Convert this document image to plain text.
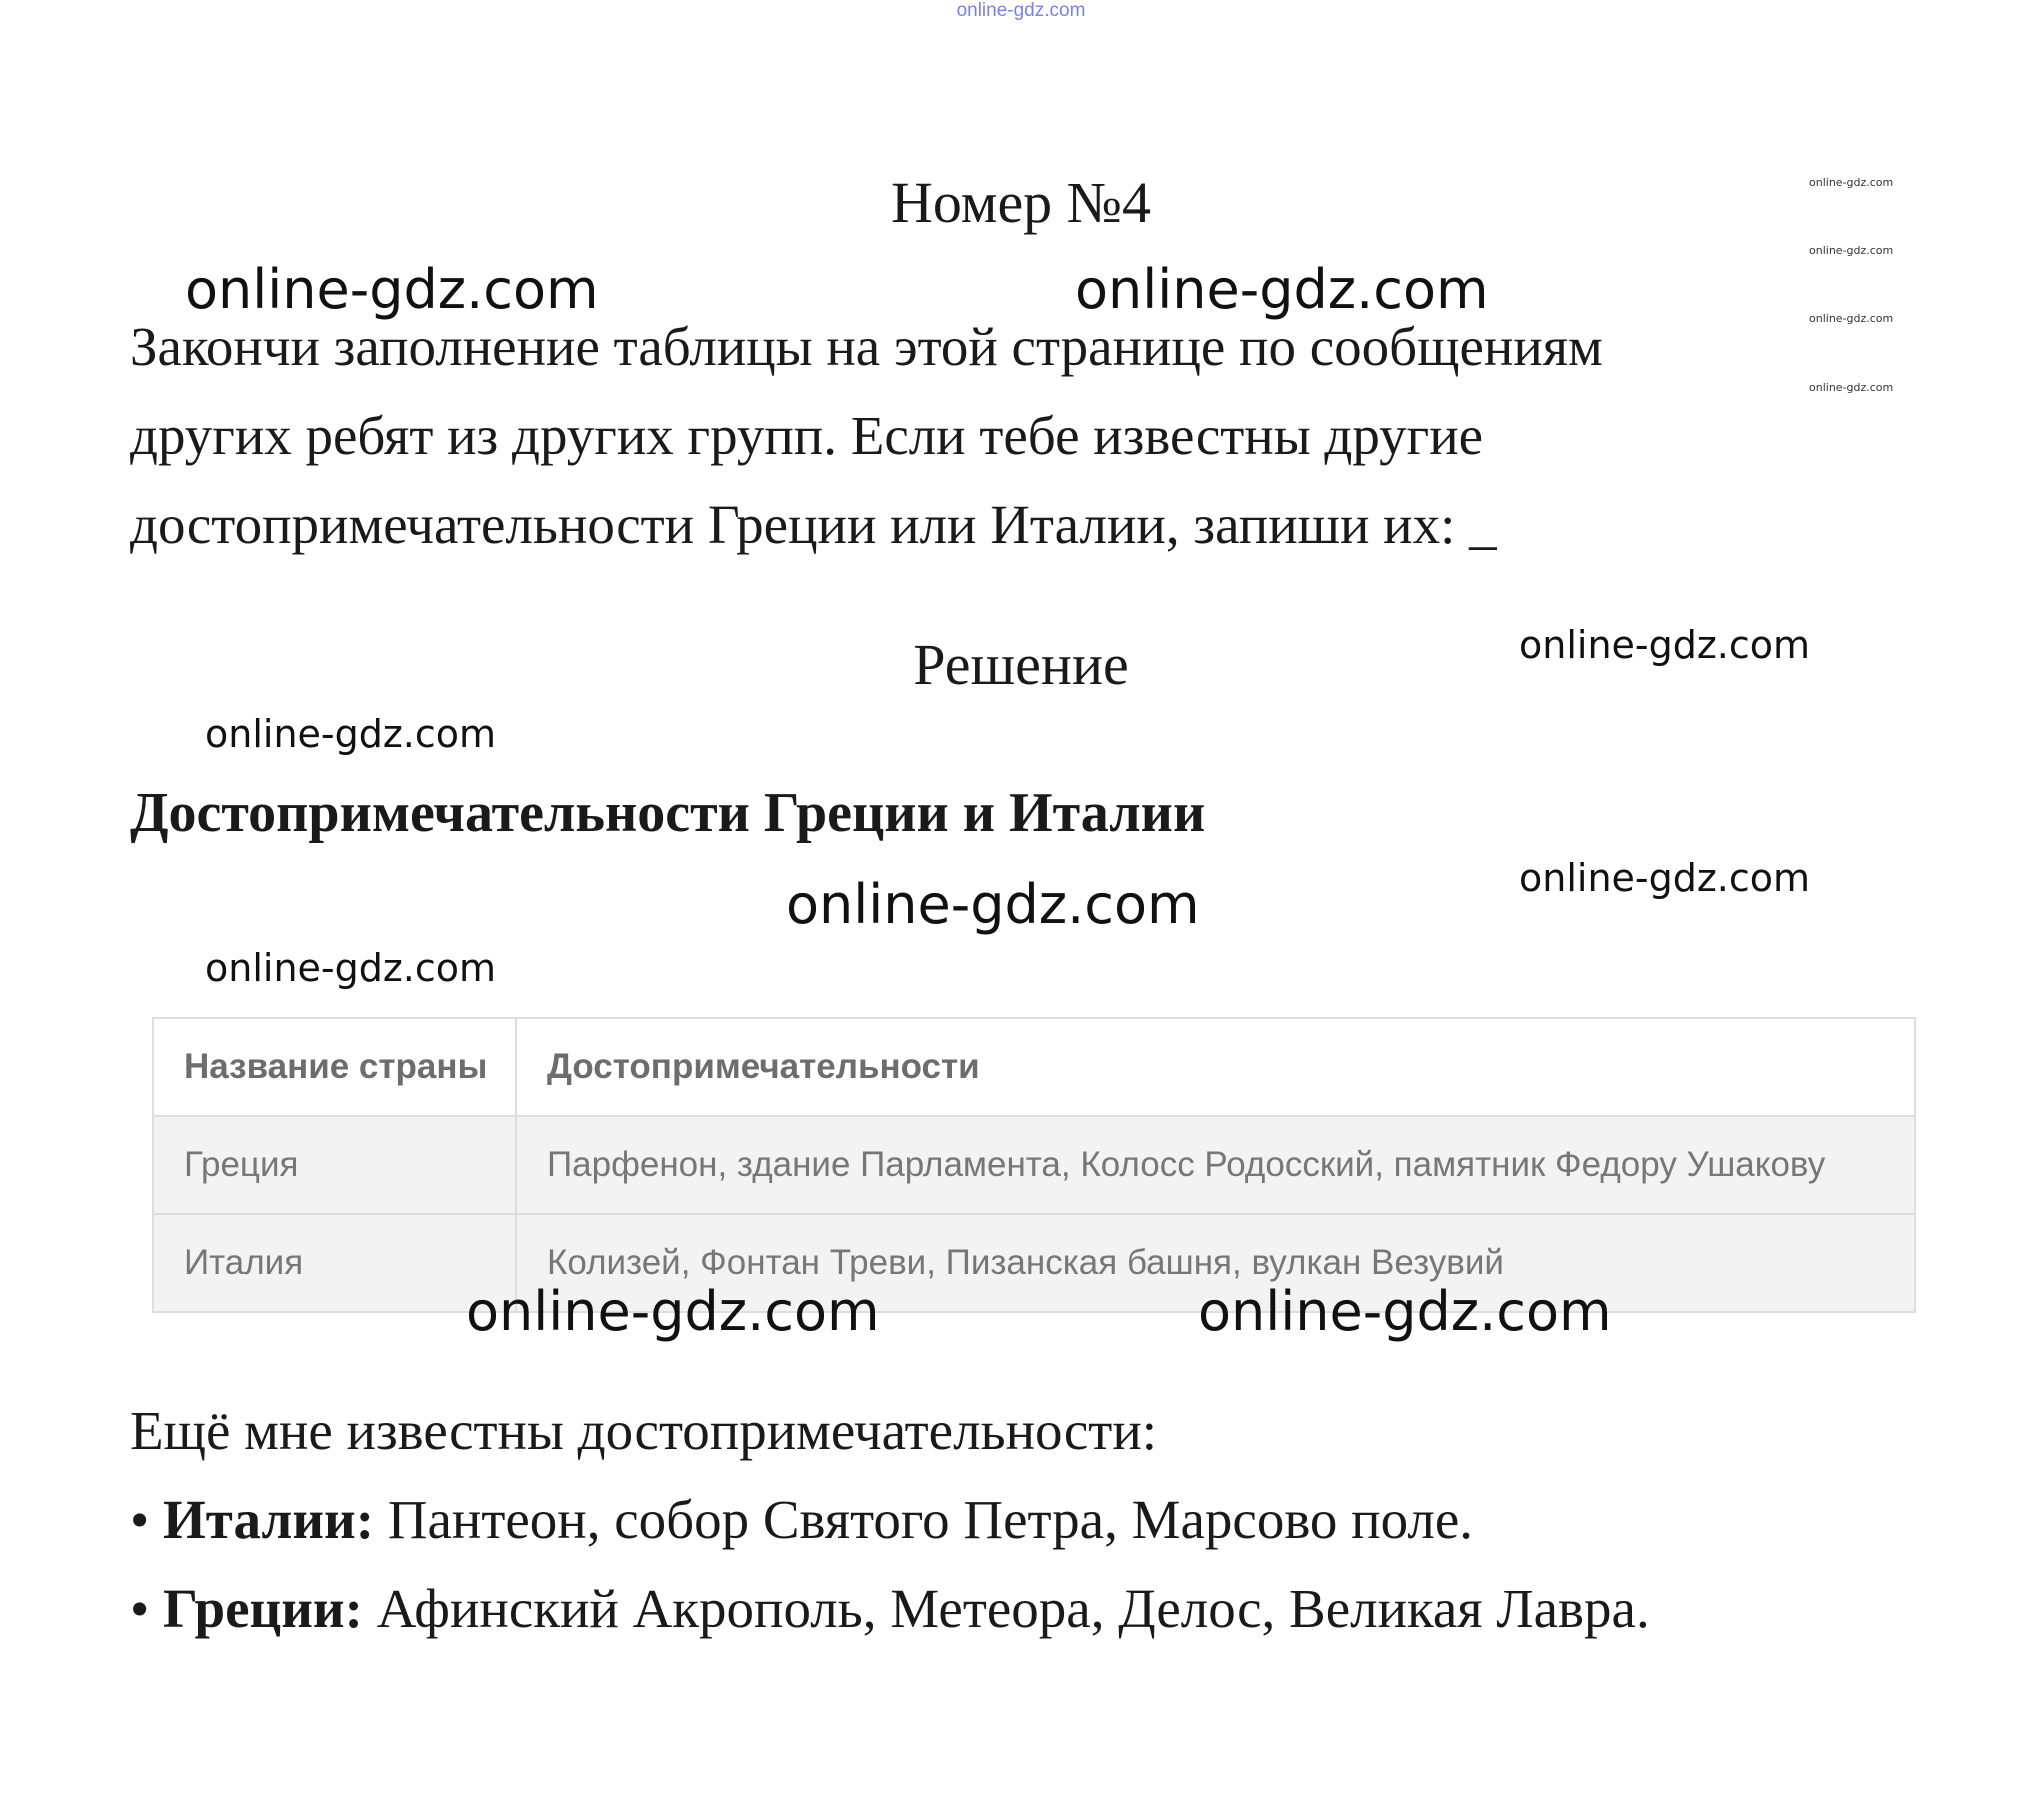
online-gdz.com
Номер №4

Закончи заполнение таблицы на этой странице по сообщениям

других ребят из других групп. Если тебе известны другие

достопримечательности Греции или Италии, запиши их: _

Решение
Достопримечательности Греции и Италии
Название страны	Достопримечательности
Греция	Парфенон, здание Парламента, Колосс Родосский, памятник Федору Ушакову
Италия	Колизей, Фонтан Треви, Пизанская башня, вулкан Везувий

Ещё мне известны достопримечательности:

• Италии: Пантеон, собор Святого Петра, Марсово поле.

• Греции: Афинский Акрополь, Метеора, Делос, Великая Лавра.

online-gdz.com	online-gdz.com
online-gdz.com
online-gdz.com	online-gdz.com
online-gdz.com
online-gdz.com
online-gdz.com
online-gdz.com
online-gdz.com
online-gdz.com
online-gdz.com
online-gdz.com
